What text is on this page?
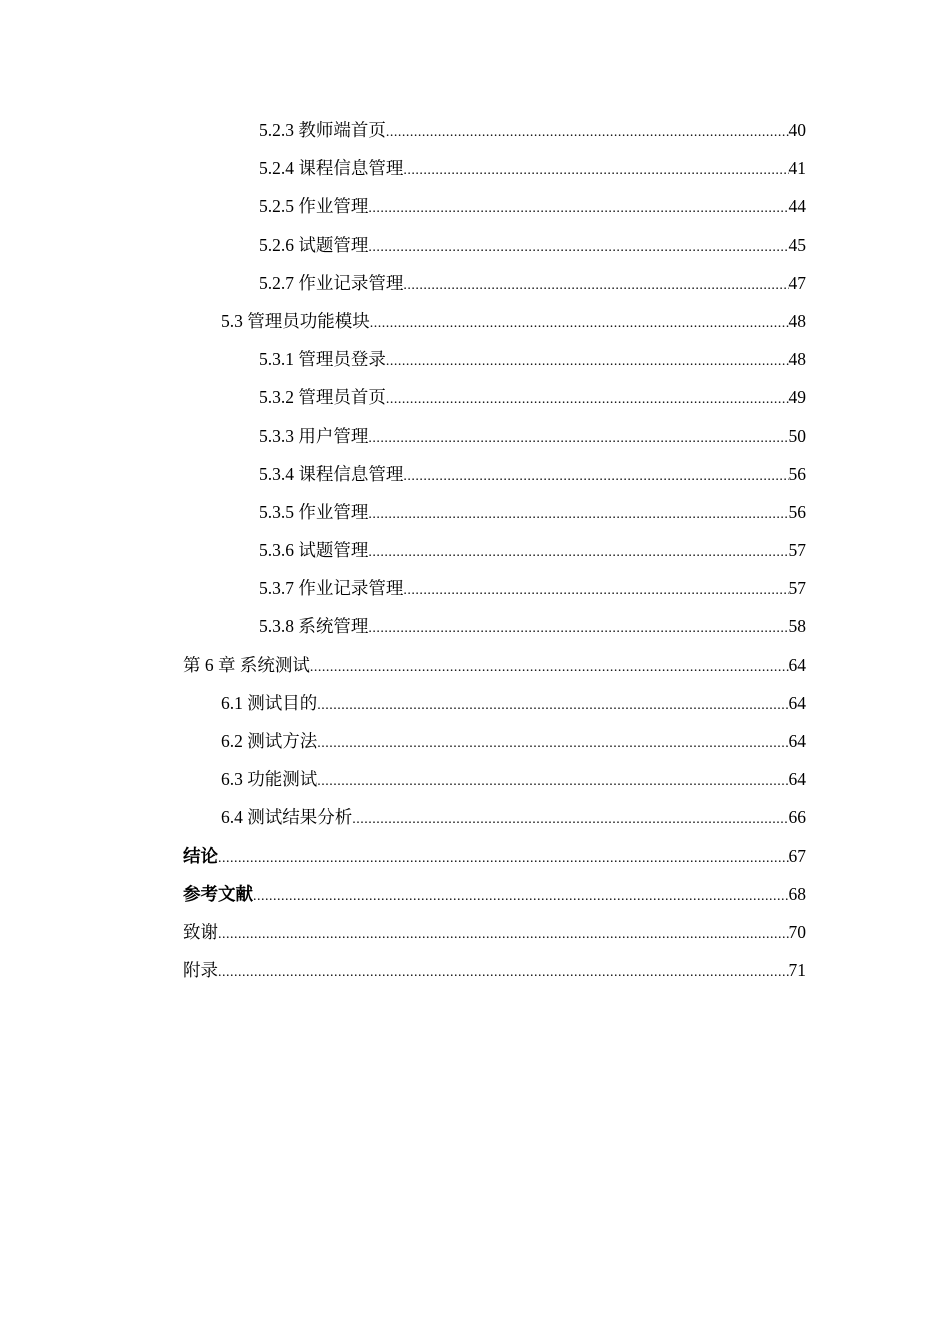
5.2.3 教师端首页 .....	40
5.2.4 课程信息管理 .....	41
5.2.5 作业管理 .....	44
5.2.6 试题管理 .....	45
5.2.7 作业记录管理 .....	47
5.3 管理员功能模块 .....	48
5.3.1 管理员登录 .....	48
5.3.2 管理员首页 .....	49
5.3.3 用户管理 .....	50
5.3.4 课程信息管理 .....	56
5.3.5 作业管理 .....	56
5.3.6 试题管理 .....	57
5.3.7 作业记录管理 .....	57
5.3.8 系统管理 .....	58
第 6 章 系统测试 .....	64
6.1 测试目的 .....	64
6.2 测试方法 .....	64
6.3 功能测试 .....	64
6.4 测试结果分析 .....	66
结论 .....	67
参考文献 .....	68
致谢 .....	70
附录 .....	71
